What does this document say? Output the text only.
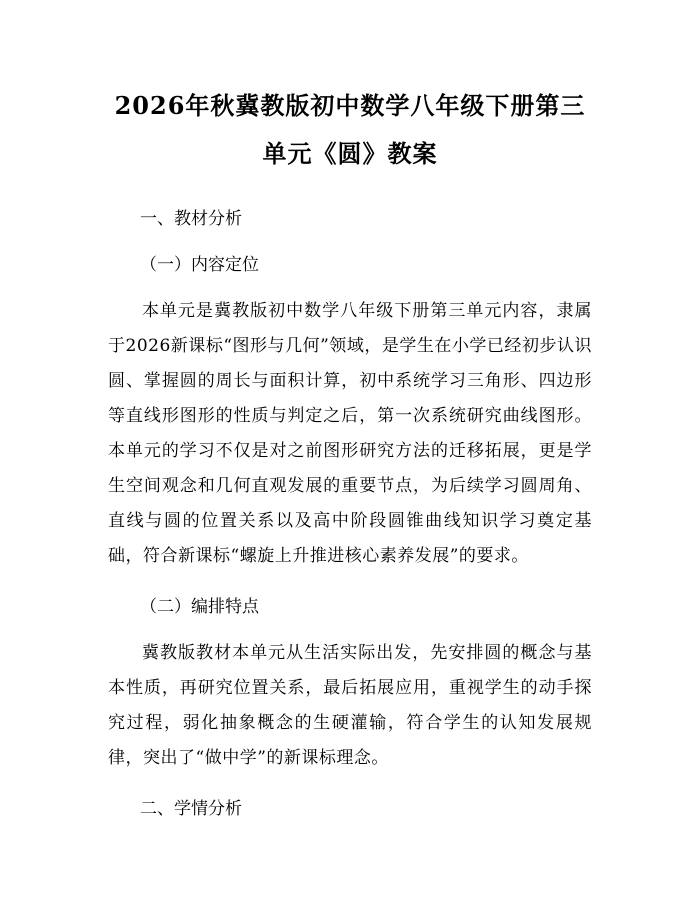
2026年秋冀教版初中数学八年级下册第三单元《圆》教案
一、教材分析
（一）内容定位

本单元是冀教版初中数学八年级下册第三单元内容，隶属于2026新课标“图形与几何”领域，是学生在小学已经初步认识圆、掌握圆的周长与面积计算，初中系统学习三角形、四边形等直线形图形的性质与判定之后，第一次系统研究曲线图形。本单元的学习不仅是对之前图形研究方法的迁移拓展，更是学生空间观念和几何直观发展的重要节点，为后续学习圆周角、直线与圆的位置关系以及高中阶段圆锥曲线知识学习奠定基础，符合新课标“螺旋上升推进核心素养发展”的要求。

（二）编排特点

冀教版教材本单元从生活实际出发，先安排圆的概念与基本性质，再研究位置关系，最后拓展应用，重视学生的动手探究过程，弱化抽象概念的生硬灌输，符合学生的认知发展规律，突出了“做中学”的新课标理念。

二、学情分析
